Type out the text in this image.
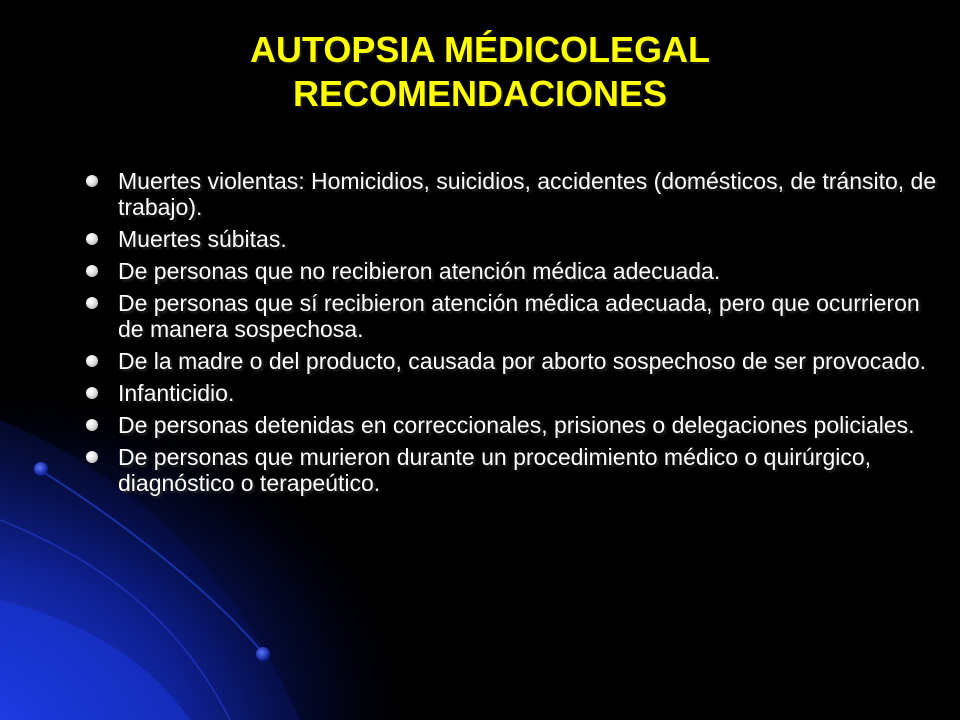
AUTOPSIA MÉDICOLEGAL
RECOMENDACIONES
Muertes violentas: Homicidios, suicidios, accidentes (domésticos, de tránsito, de trabajo).
Muertes súbitas.
De personas que no recibieron atención médica adecuada.
De personas que sí recibieron atención médica adecuada, pero que ocurrieron de manera sospechosa.
De la madre o del producto, causada por aborto sospechoso de ser provocado.
Infanticidio.
De personas detenidas en correccionales, prisiones o delegaciones policiales.
De personas que murieron durante un procedimiento médico o quirúrgico, diagnóstico o terapeútico.
